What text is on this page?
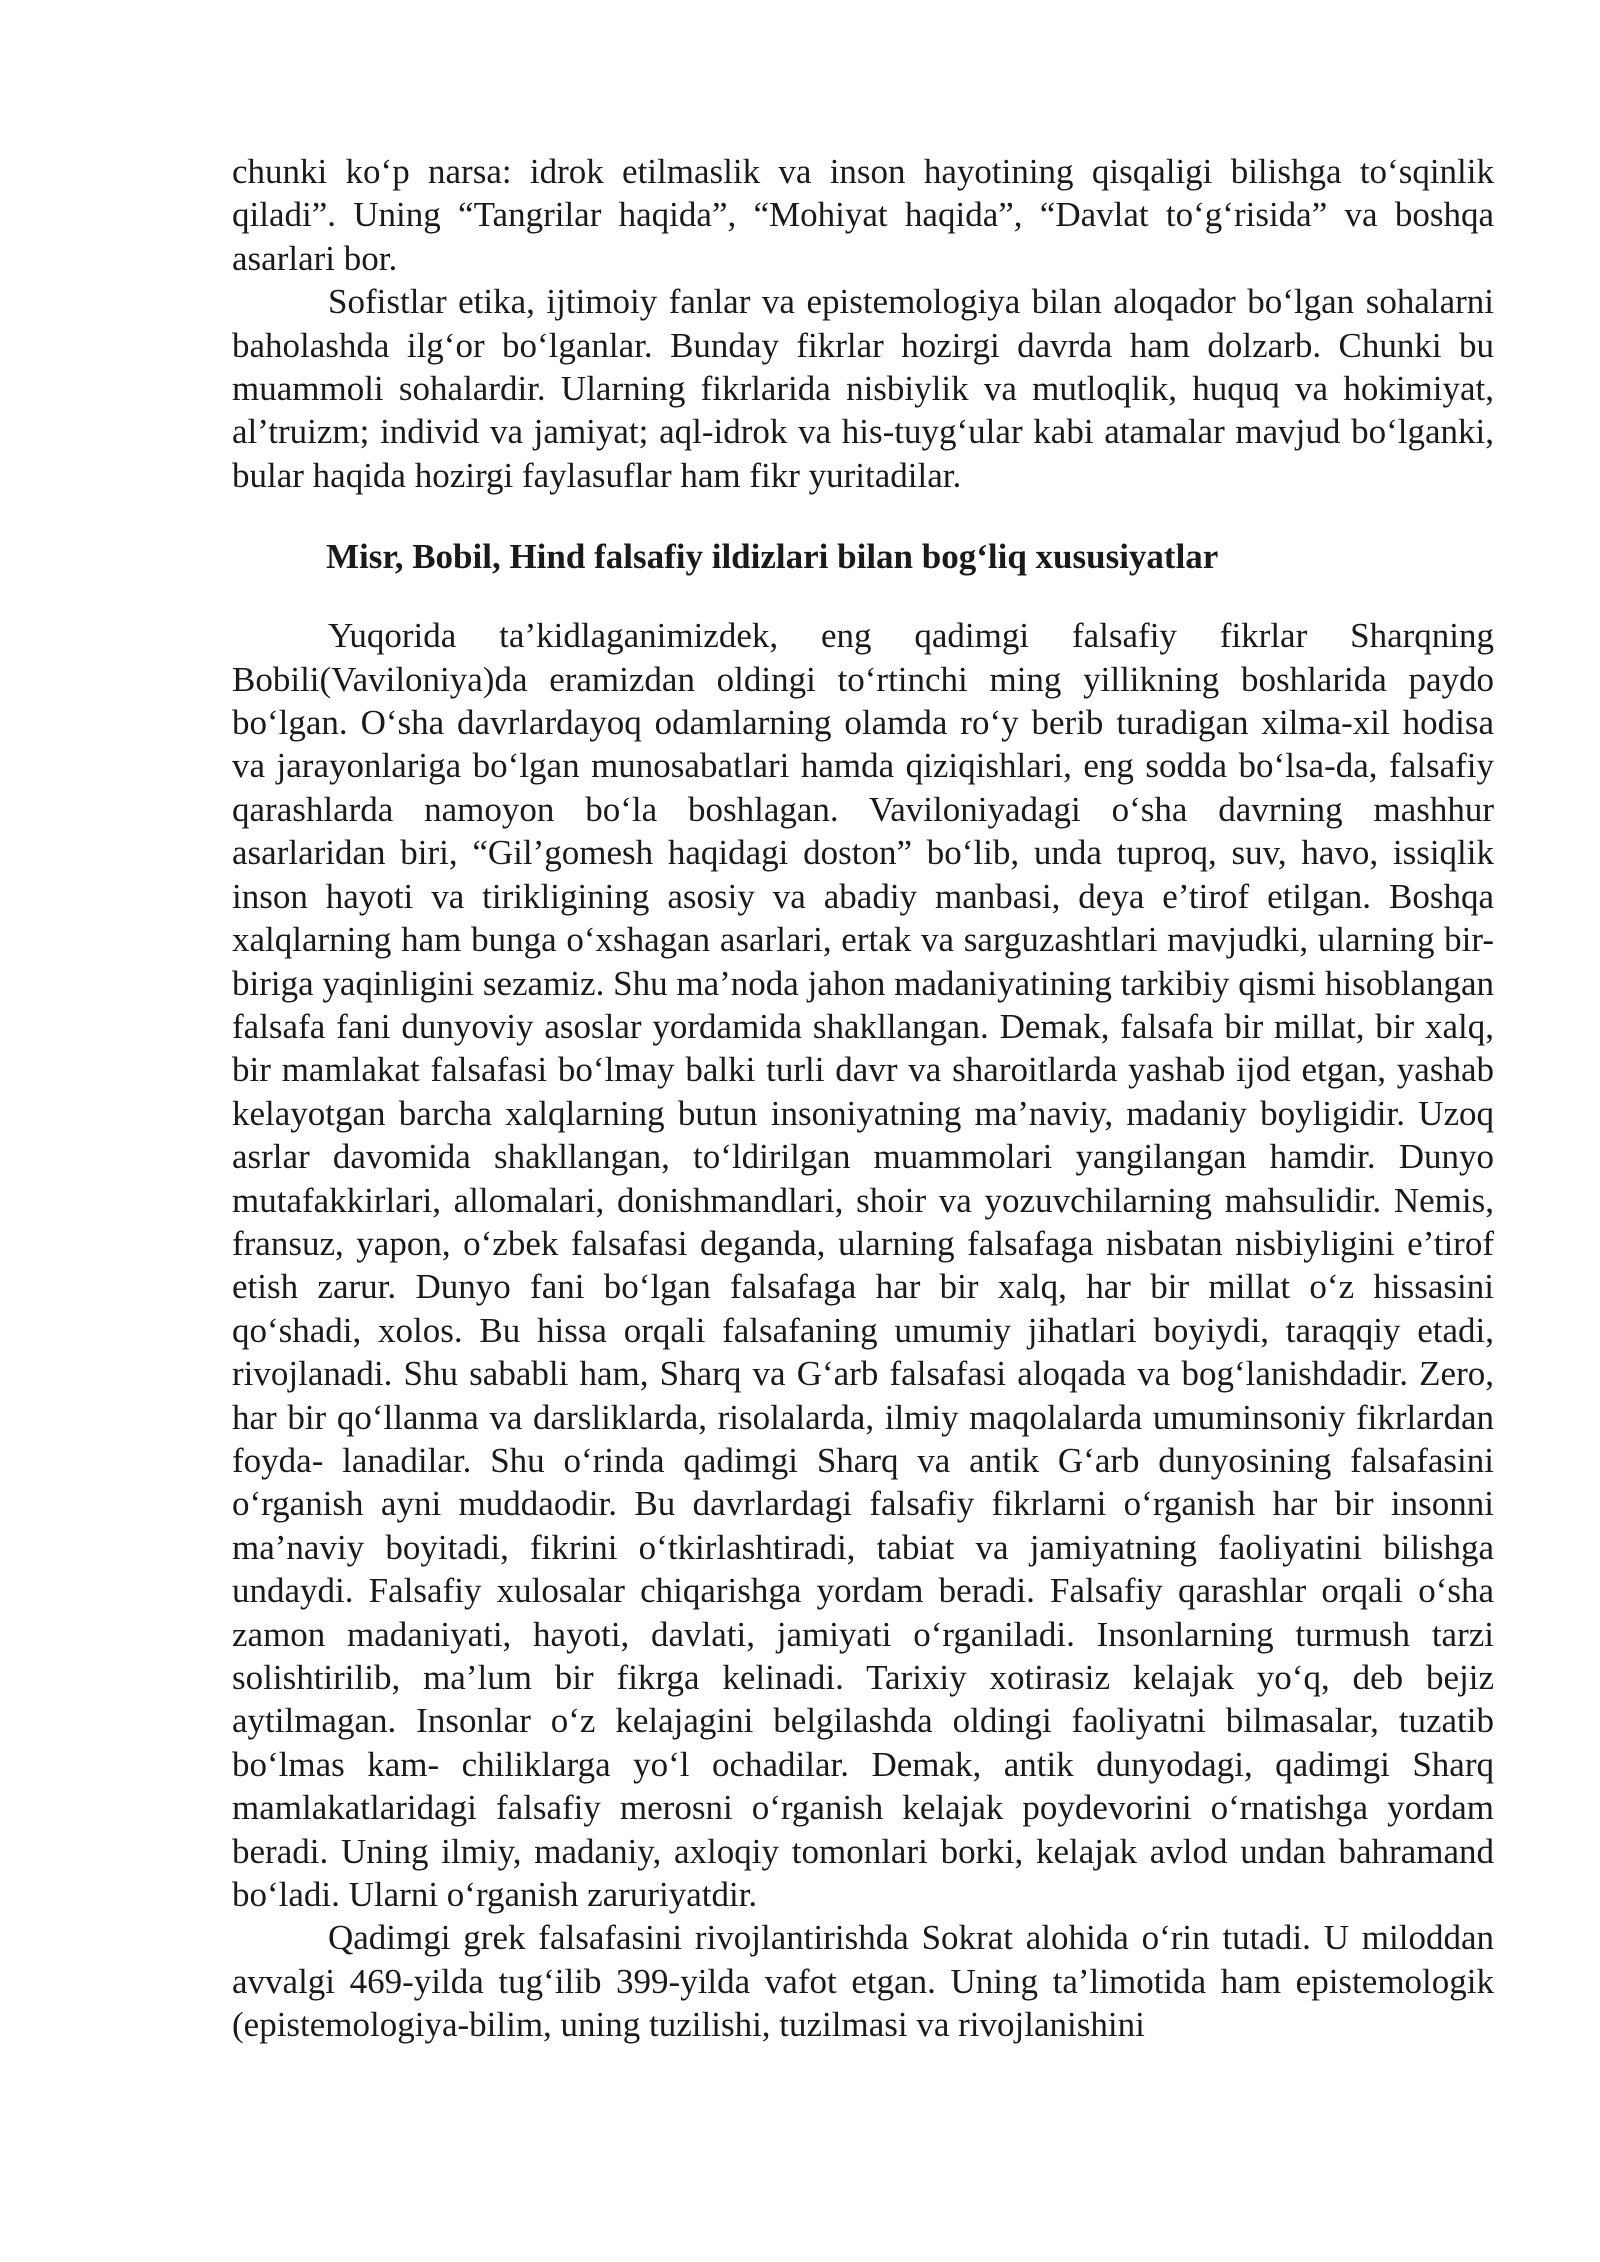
chunki koʻp narsa: idrok etilmaslik va inson hayotining qisqaligi bilishga toʻsqinlik qiladi”. Uning “Tangrilar haqida”, “Mohiyat haqida”, “Davlat toʻgʻrisida” va boshqa asarlari bor.

Sofistlar etika, ijtimoiy fanlar va epistemologiya bilan aloqador boʻlgan sohalarni baholashda ilgʻor boʻlganlar. Bunday fikrlar hozirgi davrda ham dolzarb. Chunki bu muammoli sohalardir. Ularning fikrlarida nisbiylik va mutloqlik, huquq va hokimiyat, al’truizm; individ va jamiyat; aql-idrok va his-tuygʻular kabi atamalar mavjud boʻlganki, bular haqida hozirgi faylasuflar ham fikr yuritadilar.

Misr, Bobil, Hind falsafiy ildizlari bilan bogʻliq xususiyatlar

Yuqorida ta’kidlaganimizdek, eng qadimgi falsafiy fikrlar Sharqning Bobili(Vaviloniya)da eramizdan oldingi toʻrtinchi ming yillikning boshlarida paydo boʻlgan. Oʻsha davrlardayoq odamlarning olamda roʻy berib turadigan xilma-xil hodisa va jarayonlariga boʻlgan munosabatlari hamda qiziqishlari, eng sodda boʻlsa-da, falsafiy qarashlarda namoyon boʻla boshlagan. Vaviloniyadagi oʻsha davrning mashhur asarlaridan biri, “Gil’gomesh haqidagi doston” boʻlib, unda tuproq, suv, havo, issiqlik inson hayoti va tirikligining asosiy va abadiy manbasi, deya e’tirof etilgan. Boshqa xalqlarning ham bunga oʻxshagan asarlari, ertak va sarguzashtlari mavjudki, ularning bir-biriga yaqinligini sezamiz. Shu ma’noda jahon madaniyatining tarkibiy qismi hisoblangan falsafa fani dunyoviy asoslar yordamida shakllangan. Demak, falsafa bir millat, bir xalq, bir mamlakat falsafasi boʻlmay balki turli davr va sharoitlarda yashab ijod etgan, yashab kelayotgan barcha xalqlarning butun insoniyatning ma’naviy, madaniy boyligidir. Uzoq asrlar davomida shakllangan, toʻldirilgan muammolari yangilangan hamdir. Dunyo mutafakkirlari, allomalari, donishmandlari, shoir va yozuvchilarning mahsulidir. Nemis, fransuz, yapon, oʻzbek falsafasi deganda, ularning falsafaga nisbatan nisbiyligini e’tirof etish zarur. Dunyo fani boʻlgan falsafaga har bir xalq, har bir millat oʻz hissasini qoʻshadi, xolos. Bu hissa orqali falsafaning umumiy jihatlari boyiydi, taraqqiy etadi, rivojlanadi. Shu sababli ham, Sharq va Gʻarb falsafasi aloqada va bogʻlanishdadir. Zero, har bir qoʻllanma va darsliklarda, risolalarda, ilmiy maqolalarda umuminsoniy fikrlardan foyda- lanadilar. Shu oʻrinda qadimgi Sharq va antik Gʻarb dunyosining falsafasini oʻrganish ayni muddaodir. Bu davrlardagi falsafiy fikrlarni oʻrganish har bir insonni ma’naviy boyitadi, fikrini oʻtkirlashtiradi, tabiat va jamiyatning faoliyatini bilishga undaydi. Falsafiy xulosalar chiqarishga yordam beradi. Falsafiy qarashlar orqali oʻsha zamon madaniyati, hayoti, davlati, jamiyati oʻrganiladi. Insonlarning turmush tarzi solishtirilib, ma’lum bir fikrga kelinadi. Tarixiy xotirasiz kelajak yoʻq, deb bejiz aytilmagan. Insonlar oʻz kelajagini belgilashda oldingi faoliyatni bilmasalar, tuzatib boʻlmas kam- chiliklarga yoʻl ochadilar. Demak, antik dunyodagi, qadimgi Sharq mamlakatlaridagi falsafiy merosni oʻrganish kelajak poydevorini oʻrnatishga yordam beradi. Uning ilmiy, madaniy, axloqiy tomonlari borki, kelajak avlod undan bahramand boʻladi. Ularni oʻrganish zaruriyatdir.

Qadimgi grek falsafasini rivojlantirishda Sokrat alohida oʻrin tutadi. U miloddan avvalgi 469-yilda tugʻilib 399-yilda vafot etgan. Uning ta’limotida ham epistemologik (epistemologiya-bilim, uning tuzilishi, tuzilmasi va rivojlanishini
